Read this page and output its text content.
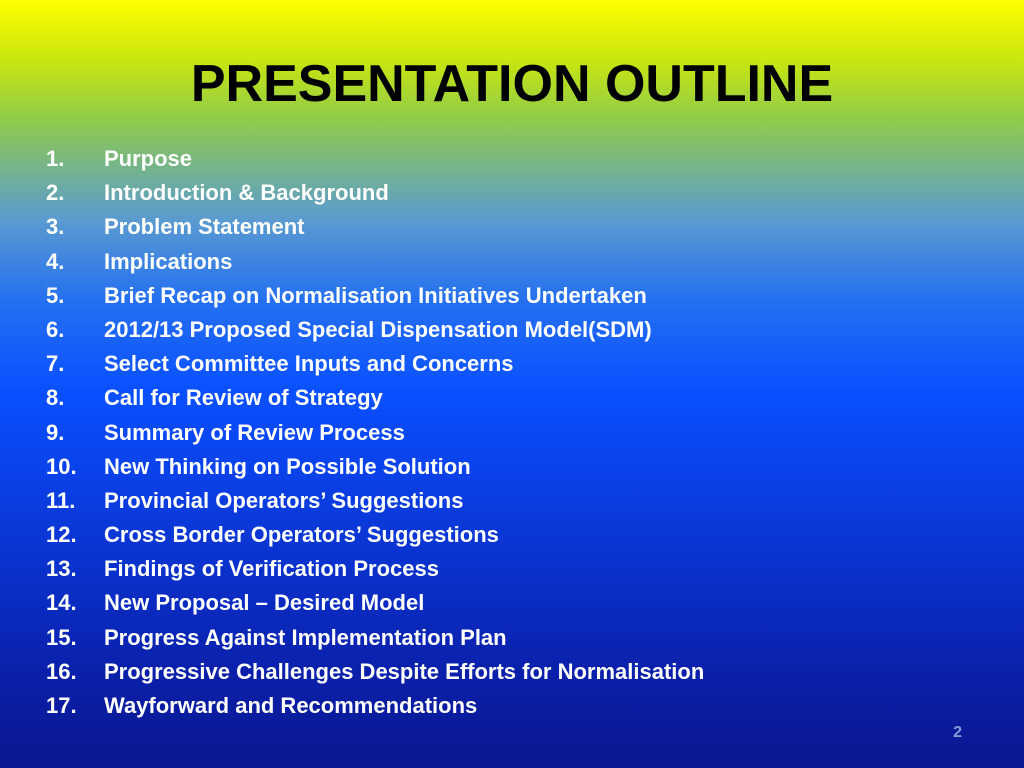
PRESENTATION OUTLINE
1.	Purpose
2.	Introduction & Background
3.	Problem Statement
4.	Implications
5.	Brief Recap on Normalisation Initiatives Undertaken
6.	2012/13 Proposed Special Dispensation Model(SDM)
7.	Select Committee Inputs and Concerns
8.	Call for Review of Strategy
9.	Summary of Review Process
10.	New Thinking on Possible Solution
11.	Provincial Operators’ Suggestions
12.	Cross Border Operators’ Suggestions
13.	Findings of Verification Process
14.	New Proposal – Desired Model
15.	Progress Against Implementation Plan
16.	Progressive Challenges Despite Efforts for Normalisation
17.	Wayforward and Recommendations
2
